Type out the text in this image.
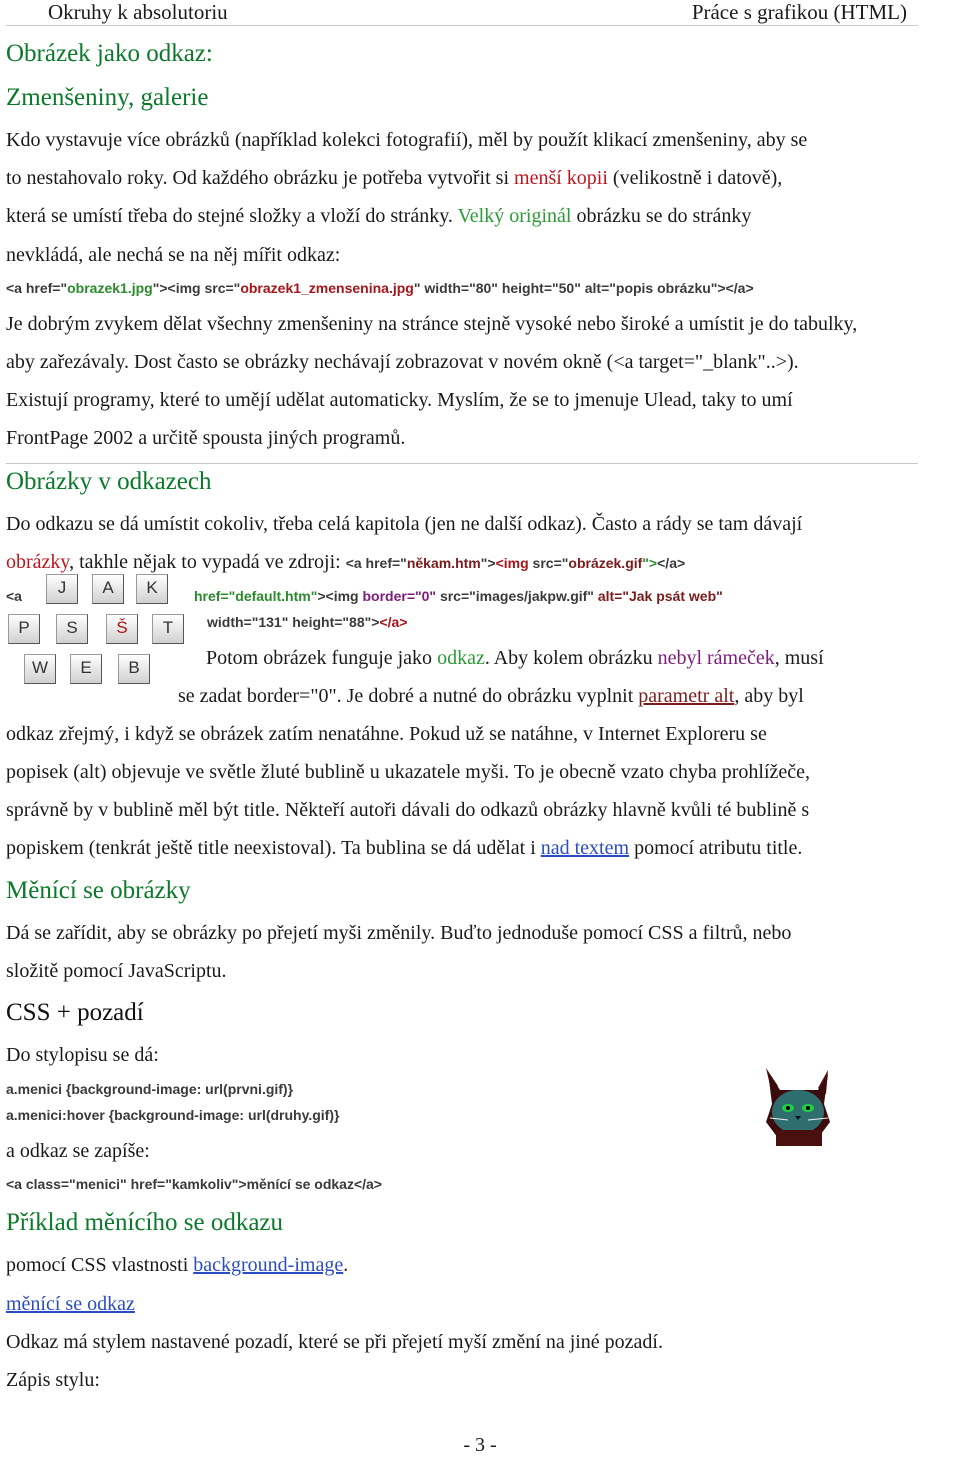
Okruhy k absolutoriu	Práce s grafikou (HTML)
Obrázek jako odkaz:
Zmenšeniny, galerie
Kdo vystavuje více obrázků (například kolekci fotografií), měl by použít klikací zmenšeniny, aby se
to nestahovalo roky. Od každého obrázku je potřeba vytvořit si menší kopii (velikostně i datově),
která se umístí třeba do stejné složky a vloží do stránky. Velký originál obrázku se do stránky
nevkládá, ale nechá se na něj mířit odkaz:
<a href="obrazek1.jpg"><img src="obrazek1_zmensenina.jpg" width="80" height="50" alt="popis obrázku"></a>
Je dobrým zvykem dělat všechny zmenšeniny na stránce stejně vysoké nebo široké a umístit je do tabulky,
aby zařezávaly. Dost často se obrázky nechávají zobrazovat v novém okně (<a target="_blank"..>).
Existují programy, které to umějí udělat automaticky. Myslím, že se to jmenuje Ulead, taky to umí
FrontPage 2002 a určitě spousta jiných programů.
Obrázky v odkazech
Do odkazu se dá umístit cokoliv, třeba celá kapitola (jen ne další odkaz). Často a rády se tam dávají
obrázky, takhle nějak to vypadá ve zdroji: <a href="někam.htm"><img src="obrázek.gif"></a>
<a	J	A	K
P	S	Š	T
W	E	B
href="default.htm"><img border="0" src="images/jakpw.gif" alt="Jak psát web"
width="131" height="88"></a>
Potom obrázek funguje jako odkaz. Aby kolem obrázku nebyl rámeček, musí
se zadat border="0". Je dobré a nutné do obrázku vyplnit parametr alt, aby byl
odkaz zřejmý, i když se obrázek zatím nenatáhne. Pokud už se natáhne, v Internet Exploreru se
popisek (alt) objevuje ve světle žluté bublině u ukazatele myši. To je obecně vzato chyba prohlížeče,
správně by v bublině měl být title. Někteří autoři dávali do odkazů obrázky hlavně kvůli té bublině s
popiskem (tenkrát ještě title neexistoval). Ta bublina se dá udělat i nad textem pomocí atributu title.
Měnící se obrázky
Dá se zařídit, aby se obrázky po přejetí myši změnily. Buďto jednoduše pomocí CSS a filtrů, nebo
složitě pomocí JavaScriptu.
CSS + pozadí
Do stylopisu se dá:
a.menici {background-image: url(prvni.gif)}
a.menici:hover {background-image: url(druhy.gif)}
a odkaz se zapíše:
<a class="menici" href="kamkoliv">měnící se odkaz</a>
Příklad měnícího se odkazu
pomocí CSS vlastnosti background-image.
měnící se odkaz
Odkaz má stylem nastavené pozadí, které se při přejetí myší změní na jiné pozadí.
Zápis stylu:
- 3 -
